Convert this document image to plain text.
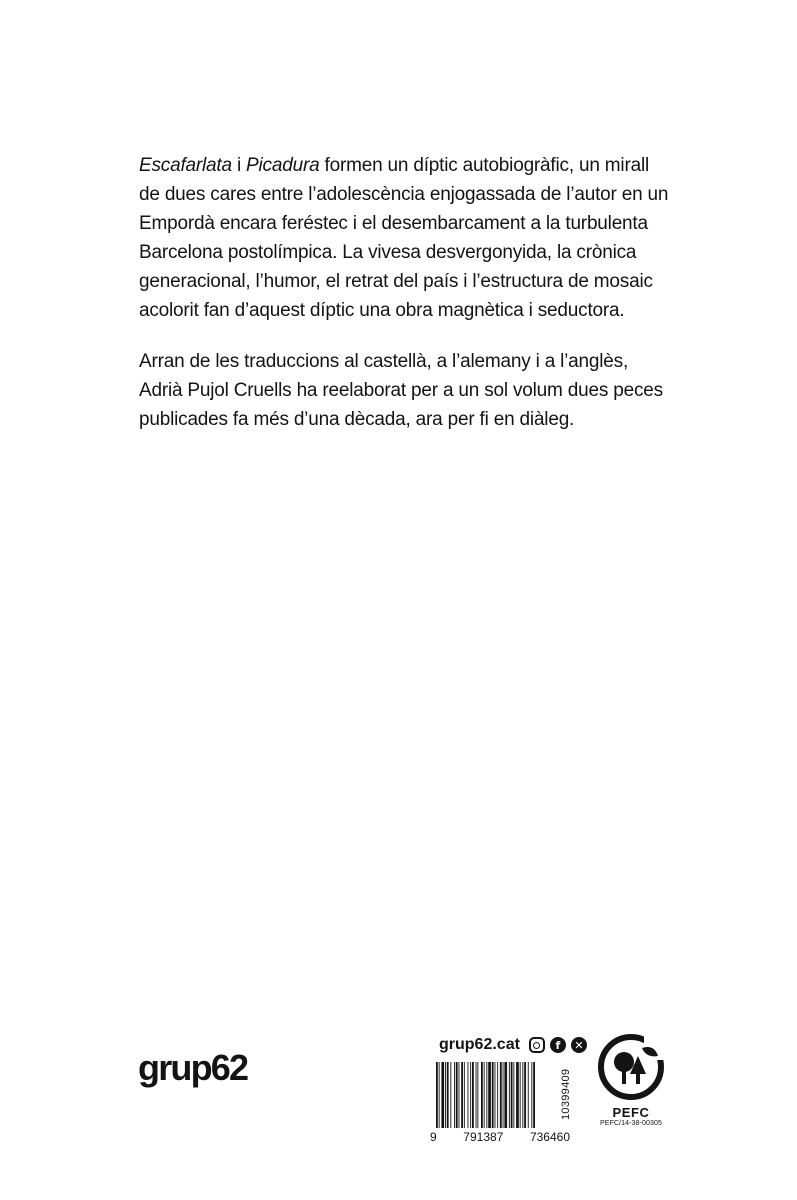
Escafarlata i Picadura formen un díptic autobiogràfic, un mirall de dues cares entre l’adolescència enjogassada de l’autor en un Empordà encara feréstec i el desembarcament a la turbulenta Barcelona postolímpica. La vivesa desvergonyida, la crònica generacional, l’humor, el retrat del país i l’estructura de mosaic acolorit fan d’aquest díptic una obra magnètica i seductora.

Arran de les traduccions al castellà, a l’alemany i a l’anglès, Adrià Pujol Cruells ha reelaborat per a un sol volum dues peces publicades fa més d’una dècada, ara per fi en diàleg.

grup62
grup62.cat	f	✕
9 791387 736460
10399409	PEFC
PEFC/14-38-00305
